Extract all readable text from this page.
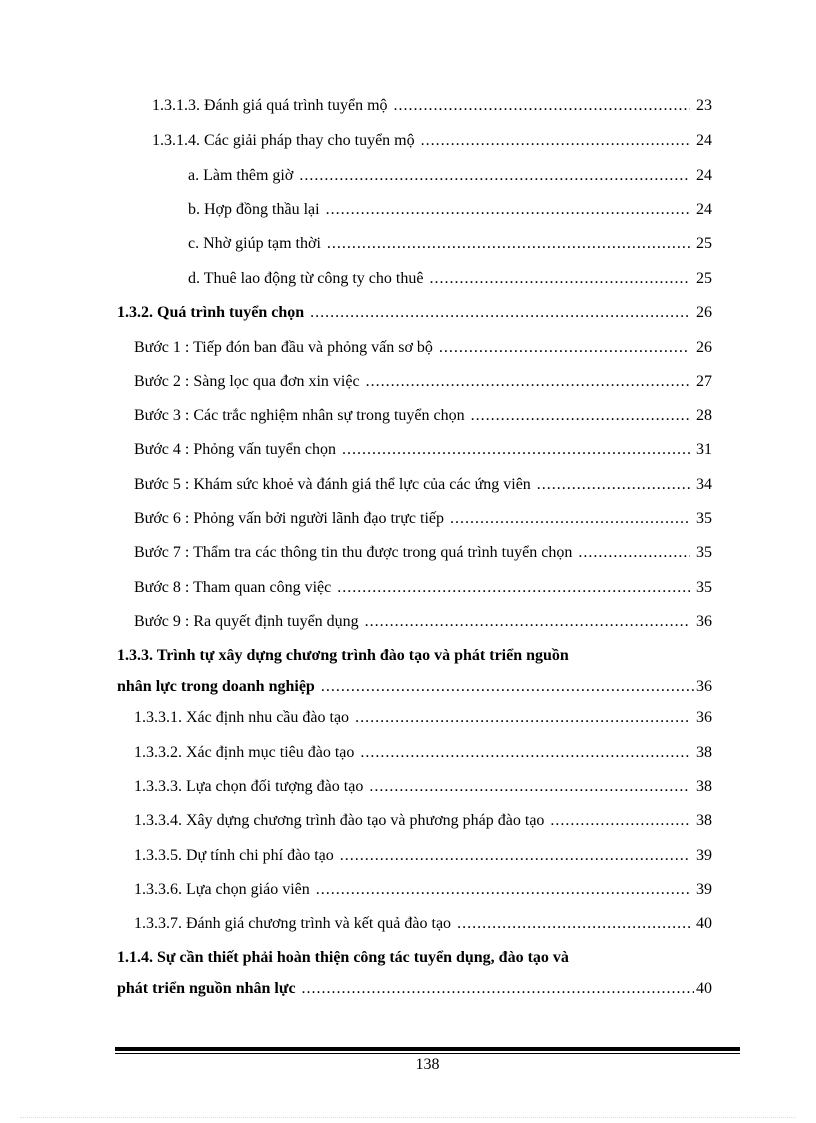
1.3.1.3. Đánh giá quá trình tuyển mộ .....	23
1.3.1.4. Các giải pháp thay cho tuyển mộ .....	24
a. Làm thêm giờ .....	24
b. Hợp đồng thầu lại .....	24
c. Nhờ giúp tạm thời .....	25
d. Thuê lao động từ công ty cho thuê .....	25
1.3.2. Quá trình tuyển chọn .....	26
Bước 1 : Tiếp đón ban đầu và phỏng vấn sơ bộ .....	26
Bước 2 : Sàng lọc qua đơn xin việc .....	27
Bước 3 : Các trắc nghiệm nhân sự trong tuyển chọn .....	28
Bước 4 : Phỏng vấn tuyển chọn .....	31
Bước 5 : Khám sức khoẻ và đánh giá thể lực của các ứng viên .....	34
Bước 6 : Phỏng vấn bởi người lãnh đạo trực tiếp .....	35
Bước 7 : Thẩm tra các thông tin thu được trong quá trình tuyển chọn .....	35
Bước 8 : Tham quan công việc .....	35
Bước 9 : Ra quyết định tuyển dụng .....	36
1.3.3. Trình tự xây dựng chương trình đào tạo và phát triển nguồn
nhân lực trong doanh nghiệp .....	36
1.3.3.1. Xác định nhu cầu đào tạo .....	36
1.3.3.2. Xác định mục tiêu đào tạo .....	38
1.3.3.3. Lựa chọn đối tượng đào tạo .....	38
1.3.3.4. Xây dựng chương trình đào tạo và phương pháp đào tạo .....	38
1.3.3.5. Dự tính chi phí đào tạo .....	39
1.3.3.6. Lựa chọn giáo viên .....	39
1.3.3.7. Đánh giá chương trình và kết quả đào tạo .....	40
1.1.4. Sự cần thiết phải hoàn thiện công tác tuyển dụng, đào tạo và
phát triển nguồn nhân lực .....	40
138
